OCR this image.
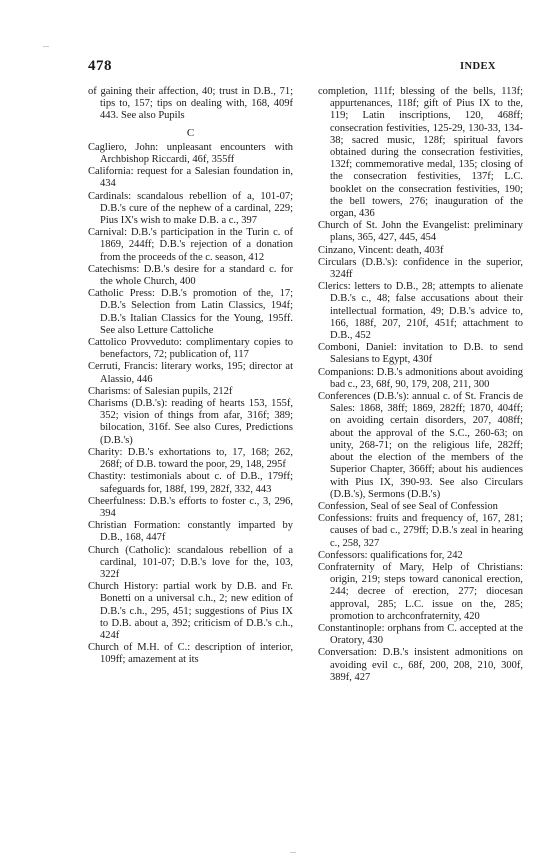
478	INDEX

of gaining their affection, 40; trust in D.B., 71; tips to, 157; tips on dealing with, 168, 409f 443. See also Pupils

C

Cagliero, John: unpleasant encounters with Archbishop Riccardi, 46f, 355ff

California: request for a Salesian foundation in, 434

Cardinals: scandalous rebellion of a, 101-07; D.B.'s cure of the nephew of a cardinal, 229; Pius IX's wish to make D.B. a c., 397

Carnival: D.B.'s participation in the Turin c. of 1869, 244ff; D.B.'s rejection of a donation from the proceeds of the c. season, 412

Catechisms: D.B.'s desire for a standard c. for the whole Church, 400

Catholic Press: D.B.'s promotion of the, 17; D.B.'s Selection from Latin Classics, 194f; D.B.'s Italian Classics for the Young, 195ff. See also Letture Cattoliche

Cattolico Provveduto: complimentary copies to benefactors, 72; publication of, 117

Cerruti, Francis: literary works, 195; director at Alassio, 446

Charisms: of Salesian pupils, 212f

Charisms (D.B.'s): reading of hearts 153, 155f, 352; vision of things from afar, 316f; 389; bilocation, 316f. See also Cures, Predictions (D.B.'s)

Charity: D.B.'s exhortations to, 17, 168; 262, 268f; of D.B. toward the poor, 29, 148, 295f

Chastity: testimonials about c. of D.B., 179ff; safeguards for, 188f, 199, 282f, 332, 443

Cheerfulness: D.B.'s efforts to foster c., 3, 296, 394

Christian Formation: constantly imparted by D.B., 168, 447f

Church (Catholic): scandalous rebellion of a cardinal, 101-07; D.B.'s love for the, 103, 322f

Church History: partial work by D.B. and Fr. Bonetti on a universal c.h., 2; new edition of D.B.'s c.h., 295, 451; suggestions of Pius IX to D.B. about a, 392; criticism of D.B.'s c.h., 424f

Church of M.H. of C.: description of interior, 109ff; amazement at its

completion, 111f; blessing of the bells, 113f; appurtenances, 118f; gift of Pius IX to the, 119; Latin inscriptions, 120, 468ff; consecration festivities, 125-29, 130-33, 134-38; sacred music, 128f; spiritual favors obtained during the consecration festivities, 132f; commemorative medal, 135; closing of the consecration festivities, 137f; L.C. booklet on the consecration festivities, 190; the bell towers, 276; inauguration of the organ, 436

Church of St. John the Evangelist: preliminary plans, 365, 427, 445, 454

Cinzano, Vincent: death, 403f

Circulars (D.B.'s): confidence in the superior, 324ff

Clerics: letters to D.B., 28; attempts to alienate D.B.'s c., 48; false accusations about their intellectual formation, 49; D.B.'s advice to, 166, 188f, 207, 210f, 451f; attachment to D.B., 452

Comboni, Daniel: invitation to D.B. to send Salesians to Egypt, 430f

Companions: D.B.'s admonitions about avoiding bad c., 23, 68f, 90, 179, 208, 211, 300

Conferences (D.B.'s): annual c. of St. Francis de Sales: 1868, 38ff; 1869, 282ff; 1870, 404ff; on avoiding certain disorders, 207, 408ff; about the approval of the S.C., 260-63; on unity, 268-71; on the religious life, 282ff; about the election of the members of the Superior Chapter, 366ff; about his audiences with Pius IX, 390-93. See also Circulars (D.B.'s), Sermons (D.B.'s)

Confession, Seal of see Seal of Confession

Confessions: fruits and frequency of, 167, 281; causes of bad c., 279ff; D.B.'s zeal in hearing c., 258, 327

Confessors: qualifications for, 242

Confraternity of Mary, Help of Christians: origin, 219; steps toward canonical erection, 244; decree of erection, 277; diocesan approval, 285; L.C. issue on the, 285; promotion to archconfraternity, 420

Constantinople: orphans from C. accepted at the Oratory, 430

Conversation: D.B.'s insistent admonitions on avoiding evil c., 68f, 200, 208, 210, 300f, 389f, 427
